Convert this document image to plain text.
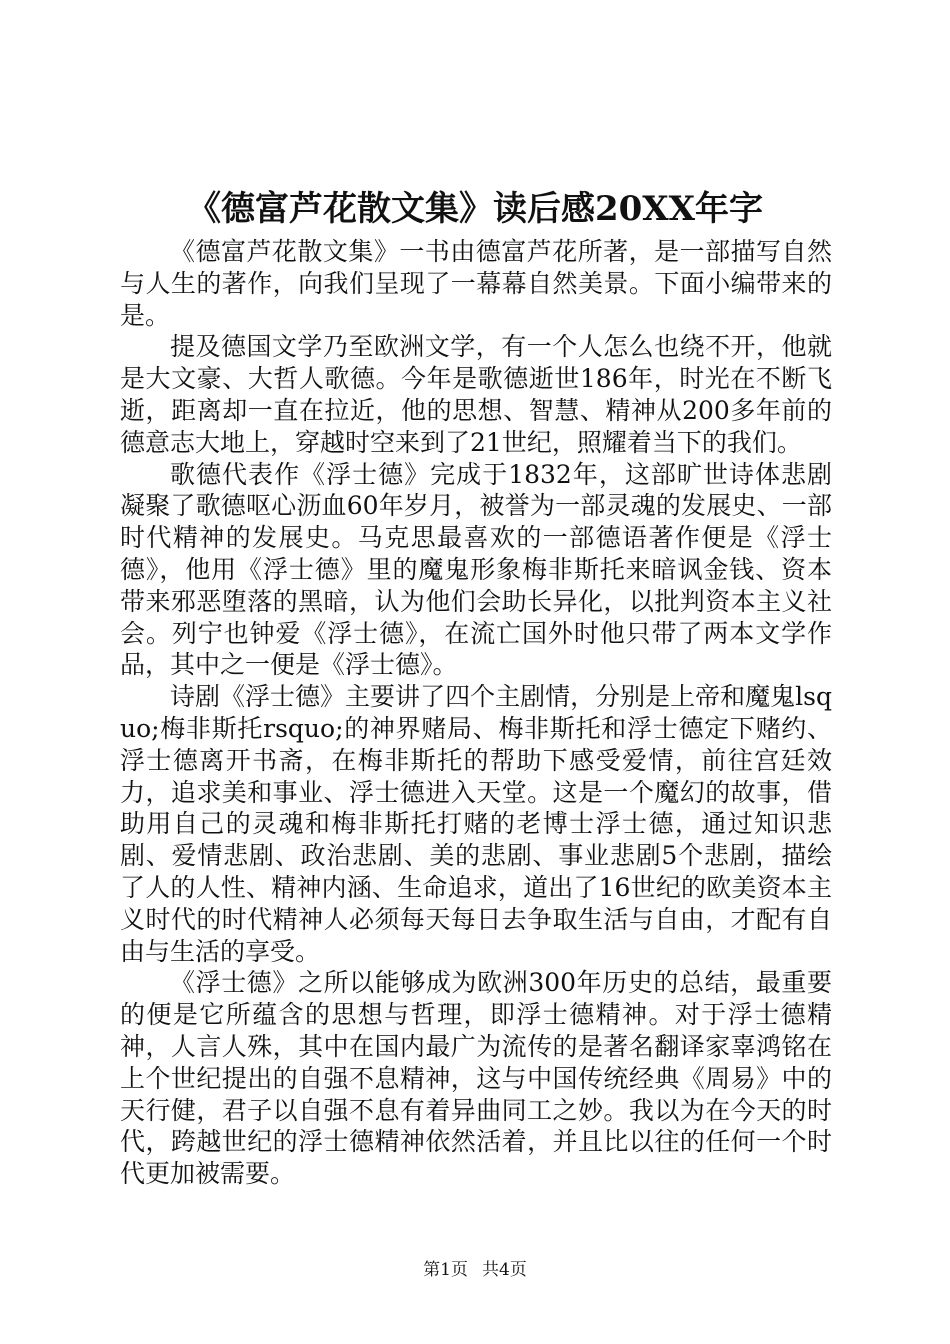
《德富芦花散文集》读后感20XX年字

《德富芦花散文集》一书由德富芦花所著，是一部描写自然与人生的著作，向我们呈现了一幕幕自然美景。下面小编带来的是。

提及德国文学乃至欧洲文学，有一个人怎么也绕不开，他就是大文豪、大哲人歌德。今年是歌德逝世186年，时光在不断飞逝，距离却一直在拉近，他的思想、智慧、精神从200多年前的德意志大地上，穿越时空来到了21世纪，照耀着当下的我们。

歌德代表作《浮士德》完成于1832年，这部旷世诗体悲剧凝聚了歌德呕心沥血60年岁月，被誉为一部灵魂的发展史、一部时代精神的发展史。马克思最喜欢的一部德语著作便是《浮士德》，他用《浮士德》里的魔鬼形象梅非斯托来暗讽金钱、资本带来邪恶堕落的黑暗，认为他们会助长异化，以批判资本主义社会。列宁也钟爱《浮士德》，在流亡国外时他只带了两本文学作品，其中之一便是《浮士德》。

诗剧《浮士德》主要讲了四个主剧情，分别是上帝和魔鬼lsquo;梅非斯托rsquo;的神界赌局、梅非斯托和浮士德定下赌约、浮士德离开书斋，在梅非斯托的帮助下感受爱情，前往宫廷效力，追求美和事业、浮士德进入天堂。这是一个魔幻的故事，借助用自己的灵魂和梅非斯托打赌的老博士浮士德，通过知识悲剧、爱情悲剧、政治悲剧、美的悲剧、事业悲剧5个悲剧，描绘了人的人性、精神内涵、生命追求，道出了16世纪的欧美资本主义时代的时代精神人必须每天每日去争取生活与自由，才配有自由与生活的享受。

《浮士德》之所以能够成为欧洲300年历史的总结，最重要的便是它所蕴含的思想与哲理，即浮士德精神。对于浮士德精神，人言人殊，其中在国内最广为流传的是著名翻译家辜鸿铭在上个世纪提出的自强不息精神，这与中国传统经典《周易》中的天行健，君子以自强不息有着异曲同工之妙。我以为在今天的时代，跨越世纪的浮士德精神依然活着，并且比以往的任何一个时代更加被需要。

第1页 共4页
